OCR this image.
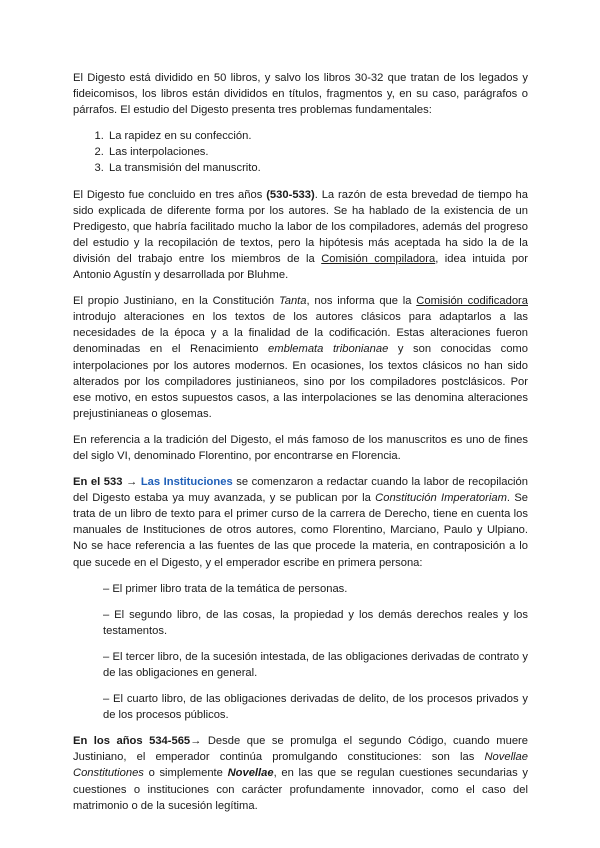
El Digesto está dividido en 50 libros, y salvo los libros 30-32 que tratan de los legados y fideicomisos, los libros están divididos en títulos, fragmentos y, en su caso, parágrafos o párrafos. El estudio del Digesto presenta tres problemas fundamentales:

1. La rapidez en su confección.
2. Las interpolaciones.
3. La transmisión del manuscrito.

El Digesto fue concluido en tres años (530-533). La razón de esta brevedad de tiempo ha sido explicada de diferente forma por los autores. Se ha hablado de la existencia de un Predigesto, que habría facilitado mucho la labor de los compiladores, además del progreso del estudio y la recopilación de textos, pero la hipótesis más aceptada ha sido la de la división del trabajo entre los miembros de la Comisión compiladora, idea intuida por Antonio Agustín y desarrollada por Bluhme.

El propio Justiniano, en la Constitución Tanta, nos informa que la Comisión codificadora introdujo alteraciones en los textos de los autores clásicos para adaptarlos a las necesidades de la época y a la finalidad de la codificación. Estas alteraciones fueron denominadas en el Renacimiento emblemata tribonianae y son conocidas como interpolaciones por los autores modernos. En ocasiones, los textos clásicos no han sido alterados por los compiladores justinianeos, sino por los compiladores postclásicos. Por ese motivo, en estos supuestos casos, a las interpolaciones se las denomina alteraciones prejustinianeas o glosemas.

En referencia a la tradición del Digesto, el más famoso de los manuscritos es uno de fines del siglo VI, denominado Florentino, por encontrarse en Florencia.

En el 533 → Las Instituciones se comenzaron a redactar cuando la labor de recopilación del Digesto estaba ya muy avanzada, y se publican por la Constitución Imperatoriam. Se trata de un libro de texto para el primer curso de la carrera de Derecho, tiene en cuenta los manuales de Instituciones de otros autores, como Florentino, Marciano, Paulo y Ulpiano. No se hace referencia a las fuentes de las que procede la materia, en contraposición a lo que sucede en el Digesto, y el emperador escribe en primera persona:

– El primer libro trata de la temática de personas.

– El segundo libro, de las cosas, la propiedad y los demás derechos reales y los testamentos.

– El tercer libro, de la sucesión intestada, de las obligaciones derivadas de contrato y de las obligaciones en general.

– El cuarto libro, de las obligaciones derivadas de delito, de los procesos privados y de los procesos públicos.

En los años 534-565→ Desde que se promulga el segundo Código, cuando muere Justiniano, el emperador continúa promulgando constituciones: son las Novellae Constitutiones o simplemente Novellae, en las que se regulan cuestiones secundarias y cuestiones o instituciones con carácter profundamente innovador, como el caso del matrimonio o de la sucesión legítima.
